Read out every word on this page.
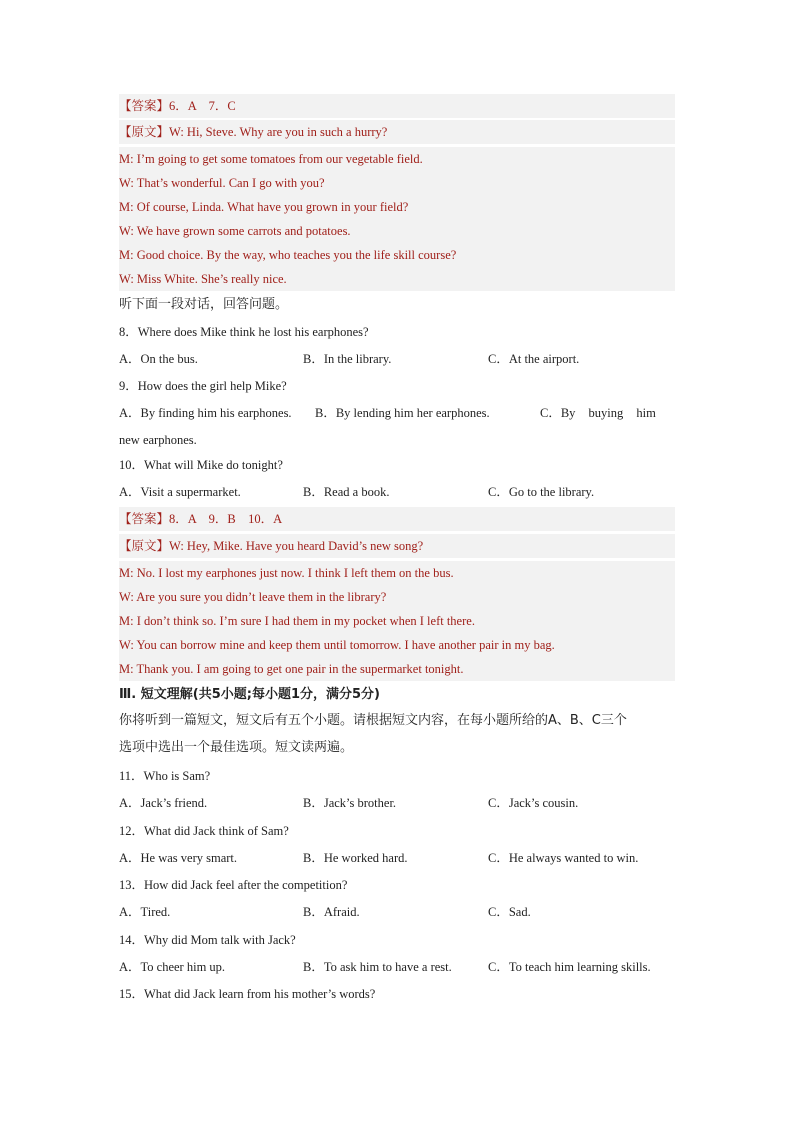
【答案】6．A　7．C
【原文】W: Hi, Steve. Why are you in such a hurry?
M: I’m going to get some tomatoes from our vegetable field.
W: That’s wonderful. Can I go with you?
M: Of course, Linda. What have you grown in your field?
W: We have grown some carrots and potatoes.
M: Good choice. By the way, who teaches you the life skill course?
W: Miss White. She’s really nice.
听下面一段对话，回答问题。
8．Where does Mike think he lost his earphones?
A．On the bus.	B．In the library.	C．At the airport.
9．How does the girl help Mike?
A．By finding him his earphones.	B．By lending him her earphones.	C．By buying him
new earphones.
10．What will Mike do tonight?
A．Visit a supermarket.	B．Read a book.	C．Go to the library.
【答案】8．A　9．B　10．A
【原文】W: Hey, Mike. Have you heard David’s new song?
M: No. I lost my earphones just now. I think I left them on the bus.
W: Are you sure you didn’t leave them in the library?
M: I don’t think so. I’m sure I had them in my pocket when I left there.
W: You can borrow mine and keep them until tomorrow. I have another pair in my bag.
M: Thank you. I am going to get one pair in the supermarket tonight.
Ⅲ. 短文理解(共5小题;每小题1分，满分5分)
你将听到一篇短文，短文后有五个小题。请根据短文内容，在每小题所给的A、B、C三个
选项中选出一个最佳选项。短文读两遍。
11．Who is Sam?
A．Jack’s friend.	B．Jack’s brother.	C．Jack’s cousin.
12．What did Jack think of Sam?
A．He was very smart.	B．He worked hard.	C．He always wanted to win.
13．How did Jack feel after the competition?
A．Tired.	B．Afraid.	C．Sad.
14．Why did Mom talk with Jack?
A．To cheer him up.	B．To ask him to have a rest.	C．To teach him learning skills.
15．What did Jack learn from his mother’s words?
